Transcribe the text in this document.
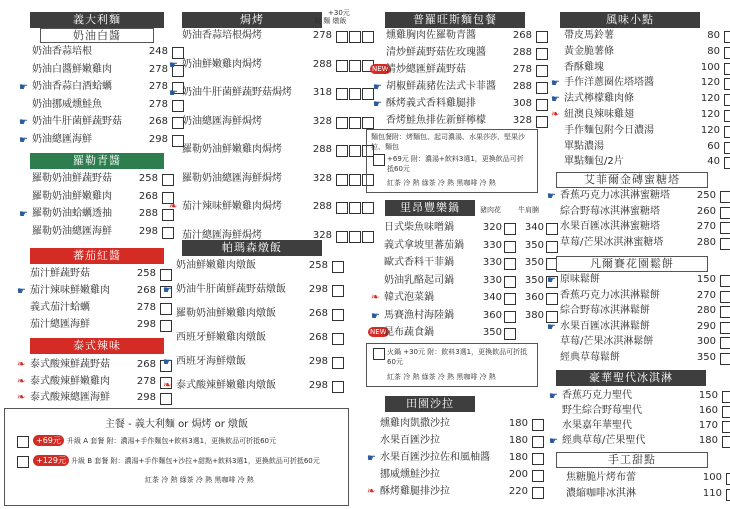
義大利麵
奶油白醬
奶油香蒜培根	248
奶油白醬鮮嫩雞肉	278
☛ 奶油香蒜白酒蛤蠣	278
奶油挪威燻鮭魚	278
☛ 奶油牛肝菌鮮蔬野菇	268
☛ 奶油總匯海鮮	298
羅勒青醬
羅勒奶油鮮蔬野菇	258
羅勒奶油鮮嫩雞肉	268
☛ 羅勒奶油蛤蠣透抽	288
羅勒奶油總匯海鮮	298
蕃茄紅醬
茄汁鮮蔬野菇	258
☛ 茄汁辣味鮮嫩雞肉	268
義式茄汁蛤蠣	278
茄汁總匯海鮮	298
泰式辣味
❧ 泰式酸辣鮮蔬野菇	268
❧ 泰式酸辣鮮嫩雞肉	278
❧ 泰式酸辣總匯海鮮	298
焗烤	+30元
飯 麵 燉飯
奶油香蒜培根焗烤	278
☛ 奶油鮮嫩雞肉焗烤	288
☛ 奶油牛肝菌鮮蔬野菇焗烤	318
奶油總匯海鮮焗烤	328
羅勒奶油鮮嫩雞肉焗烤	288
羅勒奶油總匯海鮮焗烤	328
❧ 茄汁辣味鮮嫩雞肉焗烤	288
茄汁總匯海鮮焗烤	328
帕瑪森燉飯
奶油鮮嫩雞肉燉飯	258
☛ 奶油牛肝菌鮮蔬野菇燉飯	298
羅勒奶油鮮嫩雞肉燉飯	268
西班牙鮮嫩雞肉燉飯	268
☛ 西班牙海鮮燉飯	298
❧ 泰式酸辣鮮嫩雞肉燉飯	298
主餐 - 義大利麵 or 焗烤 or 燉飯
+69元 升級 A 套餐 附：濃湯+手作麵包+飲料3選1，更換飲品可折抵60元
+129元 升級 B 套餐 附：濃湯+手作麵包+沙拉+甜點+飲料3選1，更換飲品可折抵60元
紅茶 冷 熱 綠茶 冷 熱 黑咖啡 冷 熱
普羅旺斯麵包餐
燻雞胸肉佐羅勒青醬	268
清炒鮮蔬野菇佐玫瑰醬	288
NEW
清炒總匯鮮蔬野菇	278
☛ 胡椒鮮蔬豬佐法式卡菲醬	288
☛ 酥烤義式香料雞腿排	308
香烤鮭魚排佐新鮮檸檬	328
麵包餐附：烤麵包、起司濃湯、水果莎莎、堅果沙拉、麵包
+69元 附：濃湯+飲料3選1，更換飲品可折抵60元
紅茶 冷 熱 綠茶 冷 熱 黑咖啡 冷 熱
里昂豐樂鍋	豬肉花 牛肩腩
日式柴魚味噌鍋	320	340
義式拿坡里蕃茄鍋	330	350
歐式香料干菲鍋	330	350
奶油乳酪起司鍋	330	350
❧ 韓式泡菜鍋	340	360
☛ 馬賽漁村海陸鍋	360	380
NEW
昆布蔬食鍋	350
火鍋 +30元 附：飲料3選1，更換飲品可折抵60元
紅茶 冷 熱 綠茶 冷 熱 黑咖啡 冷 熱
田園沙拉
燻雞肉凱撒沙拉	180
水果百匯沙拉	180
☛ 水果百匯沙拉佐和風柚醬	180
挪威燻鮭沙拉	200
❧ 酥烤雞腿排沙拉	220
風味小點
帶皮馬鈴薯	80
黃金脆薯條	80
香酥雞塊	100
☛ 手作洋蔥圈佐塔塔醬	120
☛ 法式檸檬雞肉條	120
❧ 紐澳良辣味雞翅	120
手作麵包附今日濃湯	120
單點濃湯	60
單點麵包/2片	40
艾菲爾金磚蜜糖塔
☛ 香蕉巧克力冰淇淋蜜糖塔	250
綜合野莓冰淇淋蜜糖塔	260
水果百匯冰淇淋蜜糖塔	270
草莓/芒果冰淇淋蜜糖塔	280
凡爾賽花園鬆餅
☛ 原味鬆餅	150
香蕉巧克力冰淇淋鬆餅	270
綜合野莓冰淇淋鬆餅	280
☛ 水果百匯冰淇淋鬆餅	290
草莓/芒果冰淇淋鬆餅	300
經典草莓鬆餅	350
豪華聖代冰淇淋
☛ 香蕉巧克力聖代	150
野生綜合野莓聖代	160
水果嘉年華聖代	170
☛ 經典草莓/芒果聖代	180
手工甜點
焦糖脆片烤布蕾	100
濃縮咖啡冰淇淋	110
